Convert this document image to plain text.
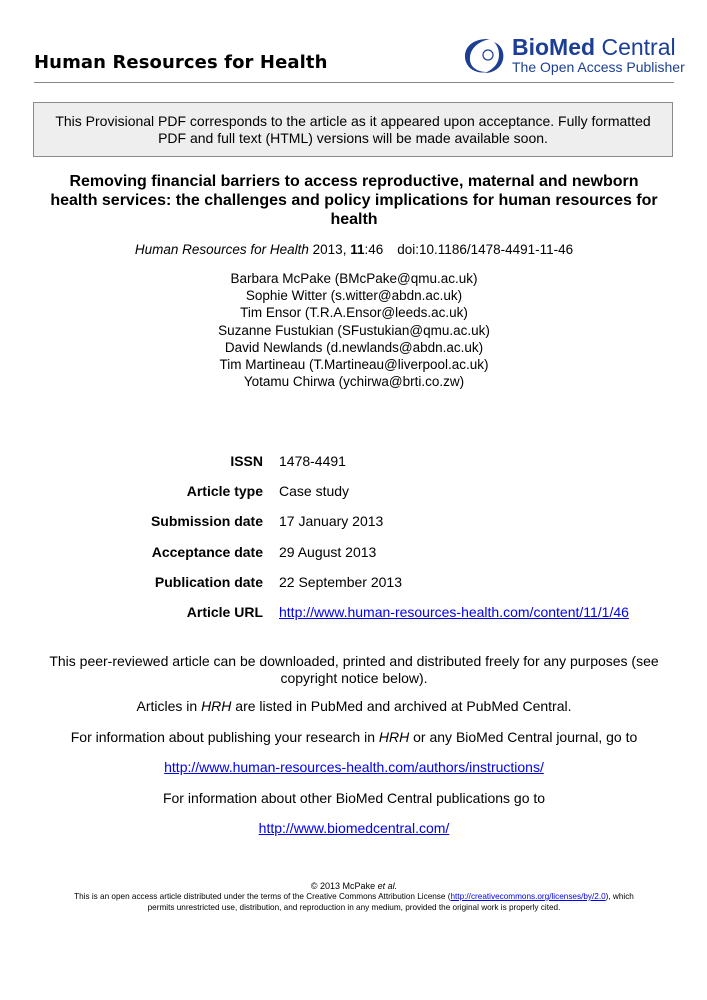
Human Resources for Health
BioMed Central
The Open Access Publisher
This Provisional PDF corresponds to the article as it appeared upon acceptance. Fully formatted
PDF and full text (HTML) versions will be made available soon.
Removing financial barriers to access reproductive, maternal and newborn
health services: the challenges and policy implications for human resources for
health
Human Resources for Health 2013, 11:46 doi:10.1186/1478-4491-11-46
Barbara McPake (BMcPake@qmu.ac.uk)
Sophie Witter (s.witter@abdn.ac.uk)
Tim Ensor (T.R.A.Ensor@leeds.ac.uk)
Suzanne Fustukian (SFustukian@qmu.ac.uk)
David Newlands (d.newlands@abdn.ac.uk)
Tim Martineau (T.Martineau@liverpool.ac.uk)
Yotamu Chirwa (ychirwa@brti.co.zw)
ISSN 1478-4491
Article type Case study
Submission date 17 January 2013
Acceptance date 29 August 2013
Publication date 22 September 2013
Article URL http://www.human-resources-health.com/content/11/1/46
This peer-reviewed article can be downloaded, printed and distributed freely for any purposes (see
copyright notice below).
Articles in HRH are listed in PubMed and archived at PubMed Central.
For information about publishing your research in HRH or any BioMed Central journal, go to
http://www.human-resources-health.com/authors/instructions/
For information about other BioMed Central publications go to
http://www.biomedcentral.com/
© 2013 McPake et al.
This is an open access article distributed under the terms of the Creative Commons Attribution License (http://creativecommons.org/licenses/by/2.0), which
permits unrestricted use, distribution, and reproduction in any medium, provided the original work is properly cited.
